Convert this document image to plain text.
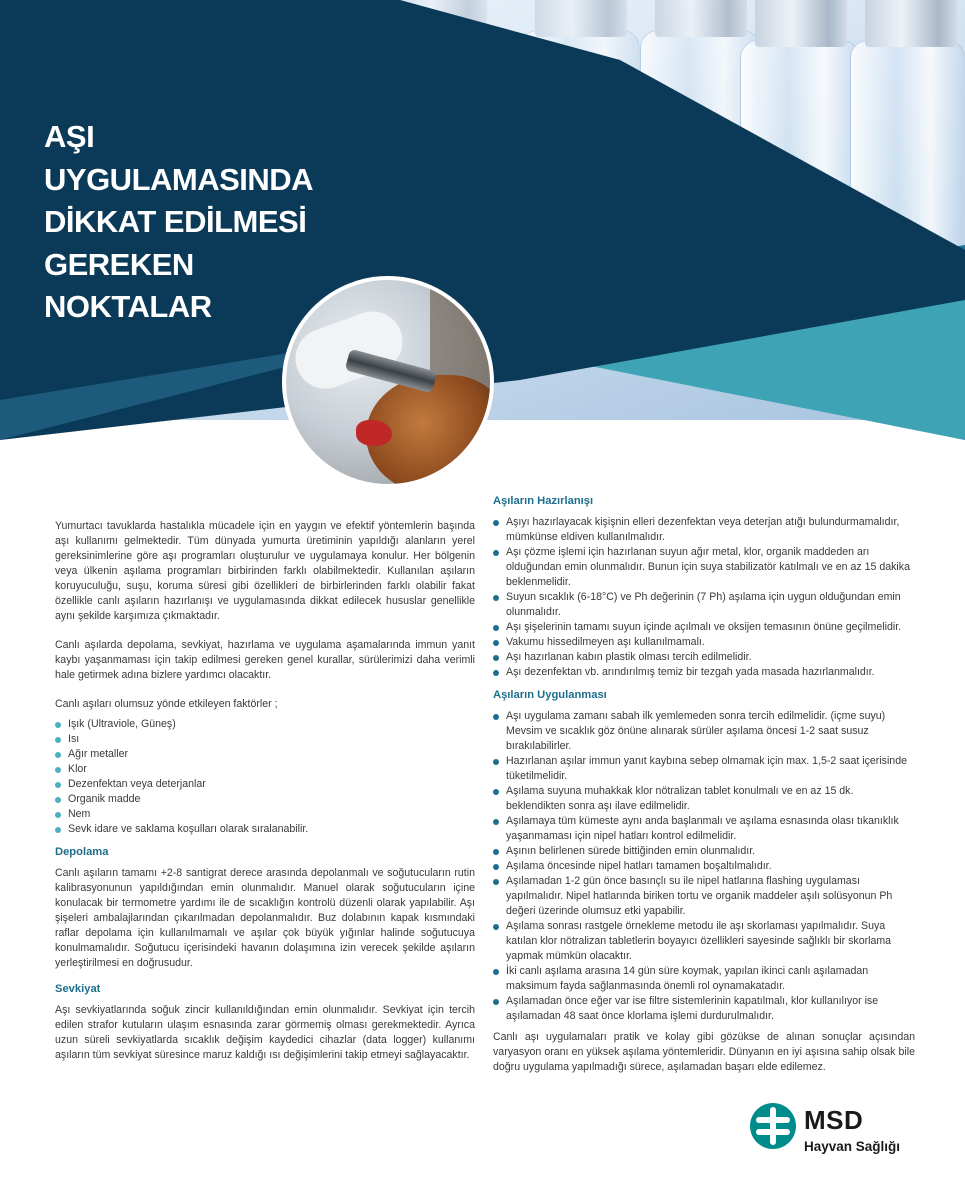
AŞI
UYGULAMASINDA
DİKKAT EDİLMESİ
GEREKEN
NOKTALAR

Yumurtacı tavuklarda hastalıkla mücadele için en yaygın ve efektif yöntemlerin başında aşı kullanımı gelmektedir. Tüm dünyada yumurta üretiminin yapıldığı alanların yerel gereksinimlerine göre aşı programları oluşturulur ve uygulamaya konulur. Her bölgenin veya ülkenin aşılama programları birbirinden farklı olabilmektedir. Kullanılan aşıların koruyuculuğu, suşu, koruma süresi gibi özellikleri de birbirlerinden farklı olabilir fakat özellikle canlı aşıların hazırlanışı ve uygulamasında dikkat edilecek hususlar genellikle aynı şekilde karşımıza çıkmaktadır.

Canlı aşılarda depolama, sevkiyat, hazırlama ve uygulama aşamalarında immun yanıt kaybı yaşanmaması için takip edilmesi gereken genel kurallar, sürülerimizi daha verimli hale getirmek adına bizlere yardımcı olacaktır.

Canlı aşıları olumsuz yönde etkileyen faktörler ;

Işık (Ultraviole, Güneş)
Isı
Ağır metaller
Klor
Dezenfektan veya deterjanlar
Organik madde
Nem
Sevk idare ve saklama koşulları olarak sıralanabilir.
Depolama

Canlı aşıların tamamı +2-8 santigrat derece arasında depolanmalı ve soğutucuların rutin kalibrasyonunun yapıldığından emin olunmalıdır. Manuel olarak soğutucuların içine konulacak bir termometre yardımı ile de sıcaklığın kontrolü düzenli olarak yapılabilir. Aşı şişeleri ambalajlarından çıkarılmadan depolanmalıdır. Buz dolabının kapak kısmındaki raflar depolama için kullanılmamalı ve aşılar çok büyük yığınlar halinde soğutucuya konulmamalıdır. Soğutucu içerisindeki havanın dolaşımına izin verecek şekilde aşıların yerleştirilmesi en doğrusudur.

Sevkiyat

Aşı sevkiyatlarında soğuk zincir kullanıldığından emin olunmalıdır. Sevkiyat için tercih edilen strafor kutuların ulaşım esnasında zarar görmemiş olması gerekmektedir. Ayrıca uzun süreli sevkiyatlarda sıcaklık değişim kaydedici cihazlar (data logger) kullanımı aşıların tüm sevkiyat süresince maruz kaldığı ısı değişimlerini takip etmeyi sağlayacaktır.

Aşıların Hazırlanışı
Aşıyı hazırlayacak kişişnin elleri dezenfektan veya deterjan atığı bulundurmamalıdır, mümkünse eldiven kullanılmalıdır.
Aşı çözme işlemi için hazırlanan suyun ağır metal, klor, organik maddeden arı olduğundan emin olunmalıdır. Bunun için suya stabilizatör katılmalı ve en az 15 dakika beklenmelidir.
Suyun sıcaklık (6-18°C) ve Ph değerinin (7 Ph) aşılama için uygun olduğundan emin olunmalıdır.
Aşı şişelerinin tamamı suyun içinde açılmalı ve oksijen temasının önüne geçilmelidir.
Vakumu hissedilmeyen aşı kullanılmamalı.
Aşı hazırlanan kabın plastik olması tercih edilmelidir.
Aşı dezenfektan vb. arındırılmış temiz bir tezgah yada masada hazırlanmalıdır.
Aşıların Uygulanması
Aşı uygulama zamanı sabah ilk yemlemeden sonra tercih edilmelidir. (içme suyu) Mevsim ve sıcaklık göz önüne alınarak sürüler aşılama öncesi 1-2 saat susuz bırakılabilirler.
Hazırlanan aşılar immun yanıt kaybına sebep olmamak için max. 1,5-2 saat içerisinde tüketilmelidir.
Aşılama suyuna muhakkak klor nötralizan tablet konulmalı ve en az 15 dk. beklendikten sonra aşı ilave edilmelidir.
Aşılamaya tüm kümeste aynı anda başlanmalı ve aşılama esnasında olası tıkanıklık yaşanmaması için nipel hatları kontrol edilmelidir.
Aşının belirlenen sürede bittiğinden emin olunmalıdır.
Aşılama öncesinde nipel hatları tamamen boşaltılmalıdır.
Aşılamadan 1-2 gün önce basınçlı su ile nipel hatlarına flashing uygulaması yapılmalıdır. Nipel hatlarında biriken tortu ve organik maddeler aşılı solüsyonun Ph değeri üzerinde olumsuz etki yapabilir.
Aşılama sonrası rastgele örnekleme metodu ile aşı skorlaması yapılmalıdır. Suya katılan klor nötralizan tabletlerin boyayıcı özellikleri sayesinde sağlıklı bir skorlama yapmak mümkün olacaktır.
İki canlı aşılama arasına 14 gün süre koymak, yapılan ikinci canlı aşılamadan maksimum fayda sağlanmasında önemli rol oynamakatadır.
Aşılamadan önce eğer var ise filtre sistemlerinin kapatılmalı, klor kullanılıyor ise aşılamadan 48 saat önce klorlama işlemi durdurulmalıdır.

Canlı aşı uygulamaları pratik ve kolay gibi gözükse de alınan sonuçlar açısından varyasyon oranı en yüksek aşılama yöntemleridir. Dünyanın en iyi aşısına sahip olsak bile doğru uygulama yapılmadığı sürece, aşılamadan başarı elde edilemez.

MSD
Hayvan Sağlığı
